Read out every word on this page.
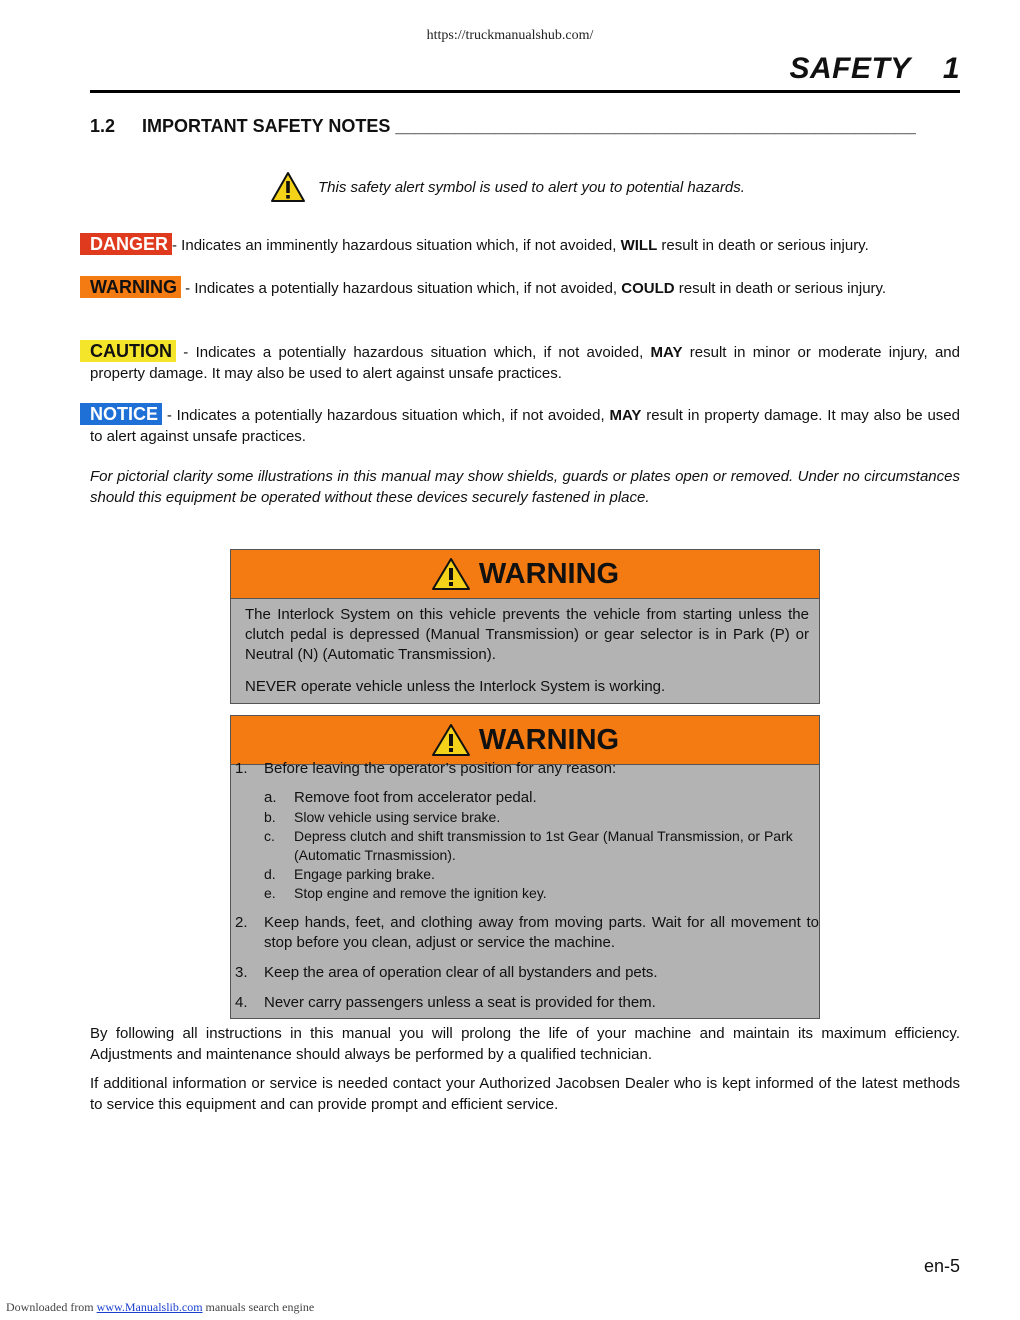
https://truckmanualshub.com/
SAFETY 1
1.2 IMPORTANT SAFETY NOTES ____________________________________________________
This safety alert symbol is used to alert you to potential hazards.
DANGER - Indicates an imminently hazardous situation which, if not avoided, WILL result in death or serious injury.
WARNING - Indicates a potentially hazardous situation which, if not avoided, COULD result in death or serious injury.
CAUTION - Indicates a potentially hazardous situation which, if not avoided, MAY result in minor or moderate injury, and property damage. It may also be used to alert against unsafe practices.
NOTICE - Indicates a potentially hazardous situation which, if not avoided, MAY result in property damage. It may also be used to alert against unsafe practices.
For pictorial clarity some illustrations in this manual may show shields, guards or plates open or removed. Under no circumstances should this equipment be operated without these devices securely fastened in place.
WARNING

The Interlock System on this vehicle prevents the vehicle from starting unless the clutch pedal is depressed (Manual Transmission) or gear selector is in Park (P) or Neutral (N) (Automatic Transmission).

NEVER operate vehicle unless the Interlock System is working.

WARNING
1. Before leaving the operator’s position for any reason:
a. Remove foot from accelerator pedal.
b. Slow vehicle using service brake.
c. Depress clutch and shift transmission to 1st Gear (Manual Transmission, or Park (Automatic Trnasmission).
d. Engage parking brake.
e. Stop engine and remove the ignition key.
2. Keep hands, feet, and clothing away from moving parts. Wait for all movement to stop before you clean, adjust or service the machine.
3. Keep the area of operation clear of all bystanders and pets.
4. Never carry passengers unless a seat is provided for them.
By following all instructions in this manual you will prolong the life of your machine and maintain its maximum efficiency. Adjustments and maintenance should always be performed by a qualified technician.
If additional information or service is needed contact your Authorized Jacobsen Dealer who is kept informed of the latest methods to service this equipment and can provide prompt and efficient service.
en-5
Downloaded from www.Manualslib.com manuals search engine
